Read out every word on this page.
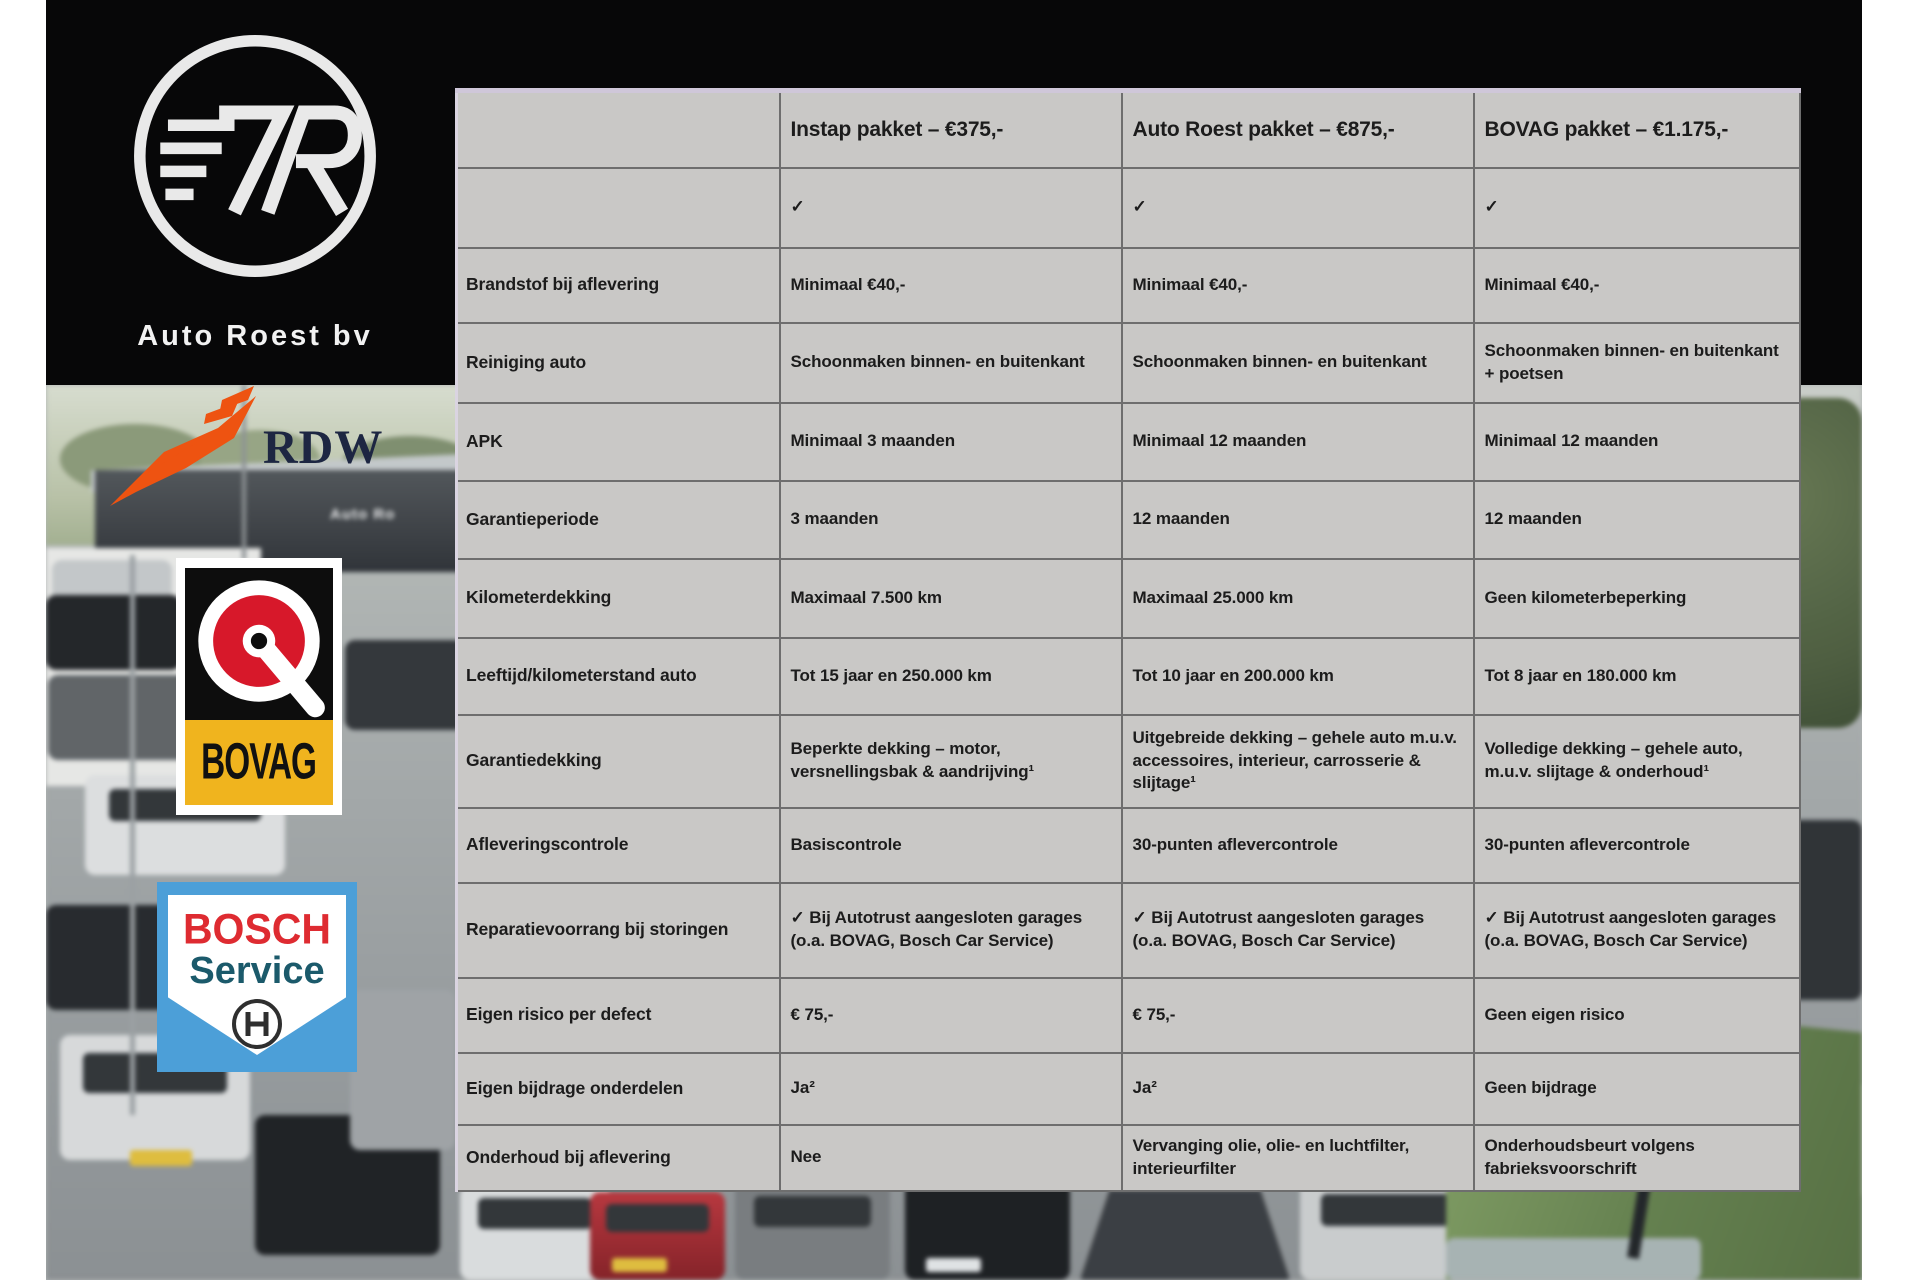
Auto Ro
Auto Roest bv
RDW
BOVAG
BOSCH
Service
	Instap pakket – €375,-	Auto Roest pakket – €875,-	BOVAG pakket – €1.175,-
	✓	✓	✓
Brandstof bij aflevering	Minimaal €40,-	Minimaal €40,-	Minimaal €40,-
Reiniging auto	Schoonmaken binnen- en buitenkant	Schoonmaken binnen- en buitenkant	Schoonmaken binnen- en buitenkant + poetsen
APK	Minimaal 3 maanden	Minimaal 12 maanden	Minimaal 12 maanden
Garantieperiode	3 maanden	12 maanden	12 maanden
Kilometerdekking	Maximaal 7.500 km	Maximaal 25.000 km	Geen kilometerbeperking
Leeftijd/kilometerstand auto	Tot 15 jaar en 250.000 km	Tot 10 jaar en 200.000 km	Tot 8 jaar en 180.000 km
Garantiedekking	Beperkte dekking – motor, versnellingsbak & aandrijving¹	Uitgebreide dekking – gehele auto m.u.v. accessoires, interieur, carrosserie & slijtage¹	Volledige dekking – gehele auto, m.u.v. slijtage & onderhoud¹
Afleveringscontrole	Basiscontrole	30-punten aflevercontrole	30-punten aflevercontrole
Reparatievoorrang bij storingen	✓ Bij Autotrust aangesloten garages (o.a. BOVAG, Bosch Car Service)	✓ Bij Autotrust aangesloten garages (o.a. BOVAG, Bosch Car Service)	✓ Bij Autotrust aangesloten garages (o.a. BOVAG, Bosch Car Service)
Eigen risico per defect	€ 75,-	€ 75,-	Geen eigen risico
Eigen bijdrage onderdelen	Ja²	Ja²	Geen bijdrage
Onderhoud bij aflevering	Nee	Vervanging olie, olie- en luchtfilter, interieurfilter	Onderhoudsbeurt volgens fabrieksvoorschrift
